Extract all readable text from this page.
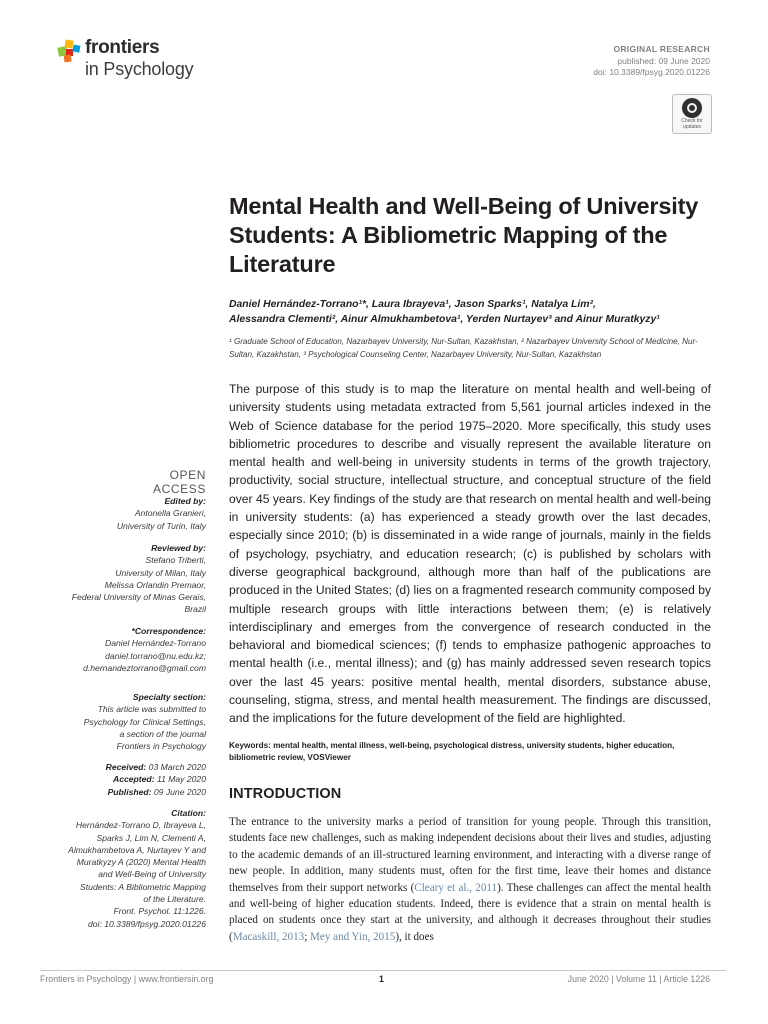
frontiers
in Psychology
ORIGINAL RESEARCH
published: 09 June 2020
doi: 10.3389/fpsyg.2020.01226
Check for
updates
Mental Health and Well-Being of University Students: A Bibliometric Mapping of the Literature
Daniel Hernández-Torrano¹*, Laura Ibrayeva¹, Jason Sparks¹, Natalya Lim²,
Alessandra Clementi², Ainur Almukhambetova¹, Yerden Nurtayev³ and Ainur Muratkyzy¹
¹ Graduate School of Education, Nazarbayev University, Nur-Sultan, Kazakhstan, ² Nazarbayev University School of Medicine, Nur-Sultan, Kazakhstan, ³ Psychological Counseling Center, Nazarbayev University, Nur-Sultan, Kazakhstan
The purpose of this study is to map the literature on mental health and well-being of university students using metadata extracted from 5,561 journal articles indexed in the Web of Science database for the period 1975–2020. More specifically, this study uses bibliometric procedures to describe and visually represent the available literature on mental health and well-being in university students in terms of the growth trajectory, productivity, social structure, intellectual structure, and conceptual structure of the field over 45 years. Key findings of the study are that research on mental health and well-being in university students: (a) has experienced a steady growth over the last decades, especially since 2010; (b) is disseminated in a wide range of journals, mainly in the fields of psychology, psychiatry, and education research; (c) is published by scholars with diverse geographical background, although more than half of the publications are produced in the United States; (d) lies on a fragmented research community composed by multiple research groups with little interactions between them; (e) is relatively interdisciplinary and emerges from the convergence of research conducted in the behavioral and biomedical sciences; (f) tends to emphasize pathogenic approaches to mental health (i.e., mental illness); and (g) has mainly addressed seven research topics over the last 45 years: positive mental health, mental disorders, substance abuse, counseling, stigma, stress, and mental health measurement. The findings are discussed, and the implications for the future development of the field are highlighted.
Keywords: mental health, mental illness, well-being, psychological distress, university students, higher education, bibliometric review, VOSViewer
INTRODUCTION
The entrance to the university marks a period of transition for young people. Through this transition, students face new challenges, such as making independent decisions about their lives and studies, adjusting to the academic demands of an ill-structured learning environment, and interacting with a diverse range of new people. In addition, many students must, often for the first time, leave their homes and distance themselves from their support networks (Cleary et al., 2011). These challenges can affect the mental health and well-being of higher education students. Indeed, there is evidence that a strain on mental health is placed on students once they start at the university, and although it decreases throughout their studies (Macaskill, 2013; Mey and Yin, 2015), it does
OPEN ACCESS
Edited by:
Antonella Granieri,
University of Turin, Italy
Reviewed by:
Stefano Triberti,
University of Milan, Italy
Melissa Orlandin Premaor,
Federal University of Minas Gerais,
Brazil
*Correspondence:
Daniel Hernández-Torrano
daniel.torrano@nu.edu.kz;
d.hernandeztorrano@gmail.com
Specialty section:
This article was submitted to
Psychology for Clinical Settings,
a section of the journal
Frontiers in Psychology
Received: 03 March 2020
Accepted: 11 May 2020
Published: 09 June 2020
Citation:
Hernández-Torrano D, Ibrayeva L,
Sparks J, Lim N, Clementi A,
Almukhambetova A, Nurtayev Y and
Muratkyzy A (2020) Mental Health
and Well-Being of University
Students: A Bibliometric Mapping
of the Literature.
Front. Psychol. 11:1226.
doi: 10.3389/fpsyg.2020.01226
Frontiers in Psychology | www.frontiersin.org	1	June 2020 | Volume 11 | Article 1226
